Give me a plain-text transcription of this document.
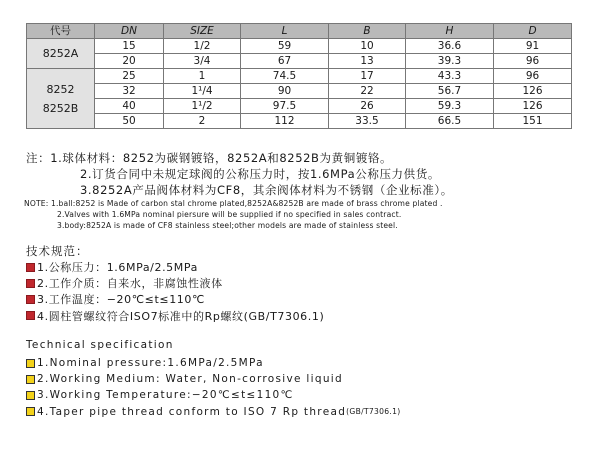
代号	DN	SIZE	L	B	H	D
8252A	15	1/2	59	10	36.6	91
	20	3/4	67	13	39.3	96

8252
8252B	25	1	74.5	17	43.3	96
	32	1¹/4	90	22	56.7	126
	40	1¹/2	97.5	26	59.3	126
	50	2	112	33.5	66.5	151
注：1.球体材料：8252为碳钢镀铬，8252A和8252B为黄铜镀铬。
2.订货合同中未规定球阀的公称压力时，按1.6MPa公称压力供货。
3.8252A产品阀体材料为CF8，其余阀体材料为不锈钢（企业标准）。
NOTE: 1.ball:8252 is Made of carbon stal chrome plated,8252A&8252B are made of brass chrome plated .
2.Valves with 1.6MPa nominal piersure will be supplied if no specified in sales contract.
3.body:8252A is made of CF8 stainless steel;other models are made of stainless steel.
技术规范：
1.公称压力：1.6MPa/2.5MPa
2.工作介质：自来水，非腐蚀性液体
3.工作温度：−20℃≤t≤110℃
4.圆柱管螺纹符合ISO7标准中的Rp螺纹(GB/T7306.1)
Technical specification
1.Nominal pressure:1.6MPa/2.5MPa
2.Working Medium: Water, Non-corrosive liquid
3.Working Temperature:−20℃≤t≤110℃
4.Taper pipe thread conform to ISO 7 Rp thread (GB/T7306.1)
